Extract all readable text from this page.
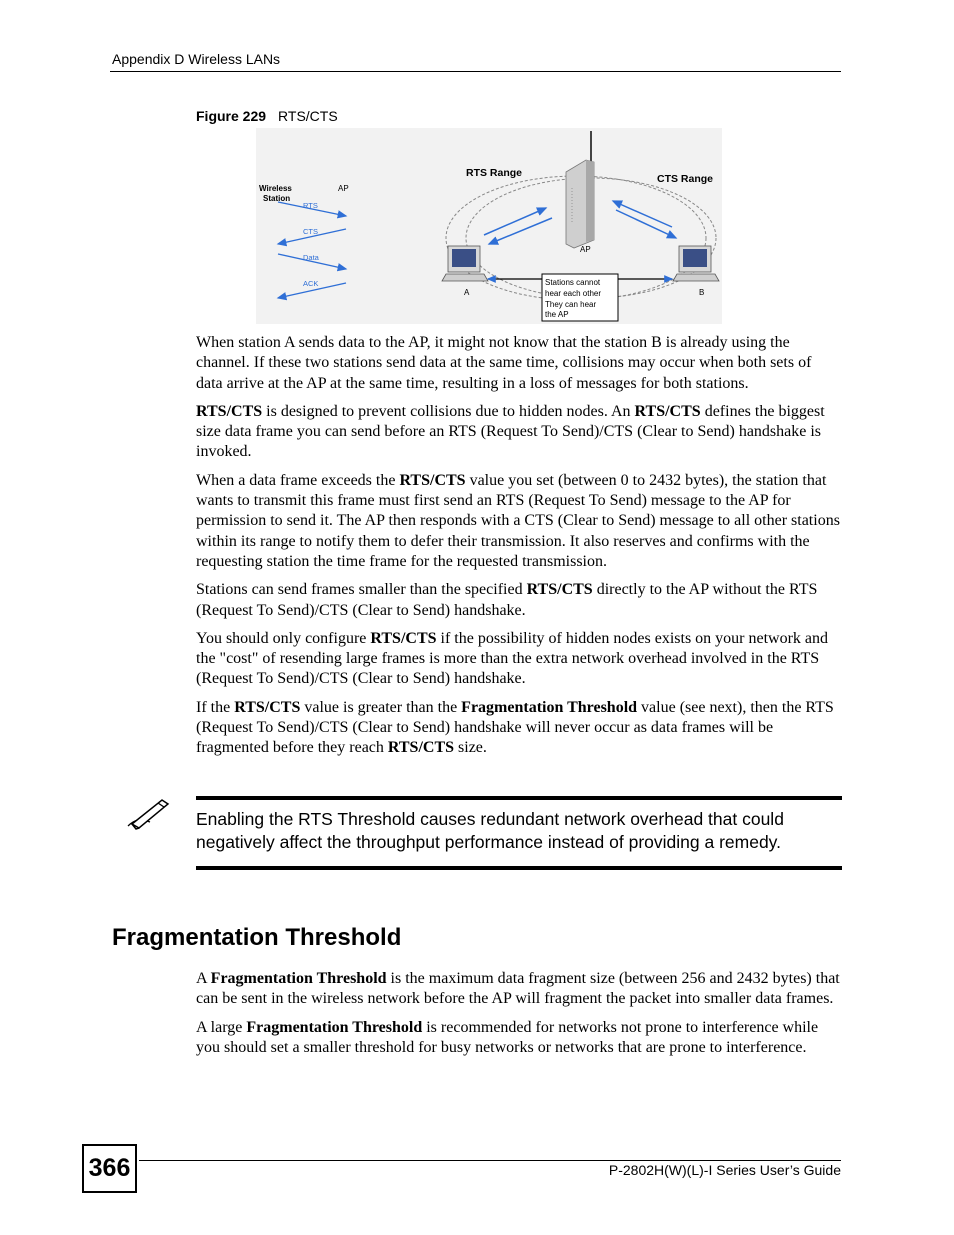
Appendix D Wireless LANs
Figure 229 RTS/CTS
Wireless
Station
AP
RTS
CTS
Data
ACK
RTS Range	CTS Range
AP
A	B
Stations cannot
hear each other
They can hear
the AP

When station A sends data to the AP, it might not know that the station B is already using the channel. If these two stations send data at the same time, collisions may occur when both sets of data arrive at the AP at the same time, resulting in a loss of messages for both stations.

RTS/CTS is designed to prevent collisions due to hidden nodes. An RTS/CTS defines the biggest size data frame you can send before an RTS (Request To Send)/CTS (Clear to Send) handshake is invoked.

When a data frame exceeds the RTS/CTS value you set (between 0 to 2432 bytes), the station that wants to transmit this frame must first send an RTS (Request To Send) message to the AP for permission to send it. The AP then responds with a CTS (Clear to Send) message to all other stations within its range to notify them to defer their transmission. It also reserves and confirms with the requesting station the time frame for the requested transmission.

Stations can send frames smaller than the specified RTS/CTS directly to the AP without the RTS (Request To Send)/CTS (Clear to Send) handshake.

You should only configure RTS/CTS if the possibility of hidden nodes exists on your network and the "cost" of resending large frames is more than the extra network overhead involved in the RTS (Request To Send)/CTS (Clear to Send) handshake.

If the RTS/CTS value is greater than the Fragmentation Threshold value (see next), then the RTS (Request To Send)/CTS (Clear to Send) handshake will never occur as data frames will be fragmented before they reach RTS/CTS size.

Enabling the RTS Threshold causes redundant network overhead that could negatively affect the throughput performance instead of providing a remedy.
Fragmentation Threshold

A Fragmentation Threshold is the maximum data fragment size (between 256 and 2432 bytes) that can be sent in the wireless network before the AP will fragment the packet into smaller data frames.

A large Fragmentation Threshold is recommended for networks not prone to interference while you should set a smaller threshold for busy networks or networks that are prone to interference.

366	P-2802H(W)(L)-I Series User’s Guide
